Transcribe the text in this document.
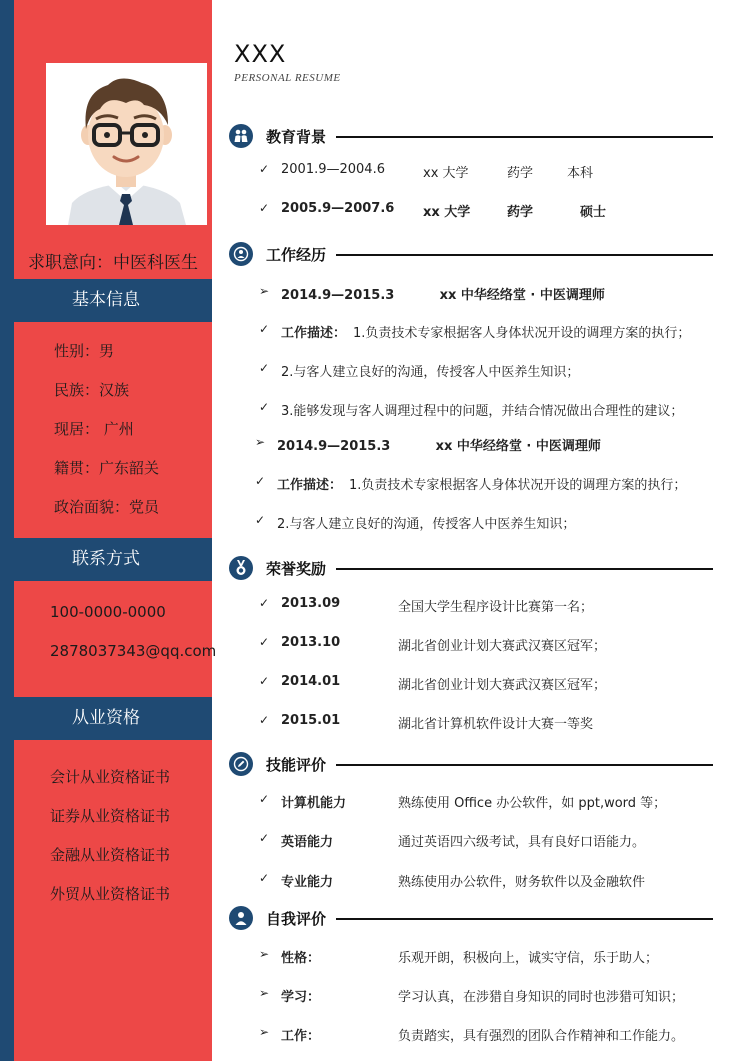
求职意向：中医科医生
基本信息
性别：男
民族：汉族
现居： 广州
籍贯：广东韶关
政治面貌：党员
联系方式
100-0000-0000
2878037343@qq.com
从业资格
会计从业资格证书
证券从业资格证书
金融从业资格证书
外贸从业资格证书
XXX
PERSONAL RESUME
教育背景
✓ 2001.9—2004.6	xx 大学	药学	本科
✓ 2005.9—2007.6 xx 大学	药学	硕士
工作经历
➢ 2014.9—2015.3          xx 中华经络堂 · 中医调理师
✓ 工作描述： 1.负责技术专家根据客人身体状况开设的调理方案的执行；
✓ 2.与客人建立良好的沟通，传授客人中医养生知识；
✓ 3.能够发现与客人调理过程中的问题，并结合情况做出合理性的建议；
➢ 2014.9—2015.3          xx 中华经络堂 · 中医调理师
✓ 工作描述： 1.负责技术专家根据客人身体状况开设的调理方案的执行；
✓ 2.与客人建立良好的沟通，传授客人中医养生知识；
荣誉奖励
✓ 2013.09	全国大学生程序设计比赛第一名；
✓ 2013.10	湖北省创业计划大赛武汉赛区冠军；
✓ 2014.01	湖北省创业计划大赛武汉赛区冠军；
✓ 2015.01	湖北省计算机软件设计大赛一等奖
技能评价
✓ 计算机能力	熟练使用 Office 办公软件，如 ppt,word 等；
✓ 英语能力	通过英语四六级考试，具有良好口语能力。
✓ 专业能力	熟练使用办公软件，财务软件以及金融软件
自我评价
➢ 性格：	乐观开朗，积极向上，诚实守信，乐于助人；
➢ 学习：	学习认真，在涉猎自身知识的同时也涉猎可知识；
➢ 工作：	负责踏实，具有强烈的团队合作精神和工作能力。
